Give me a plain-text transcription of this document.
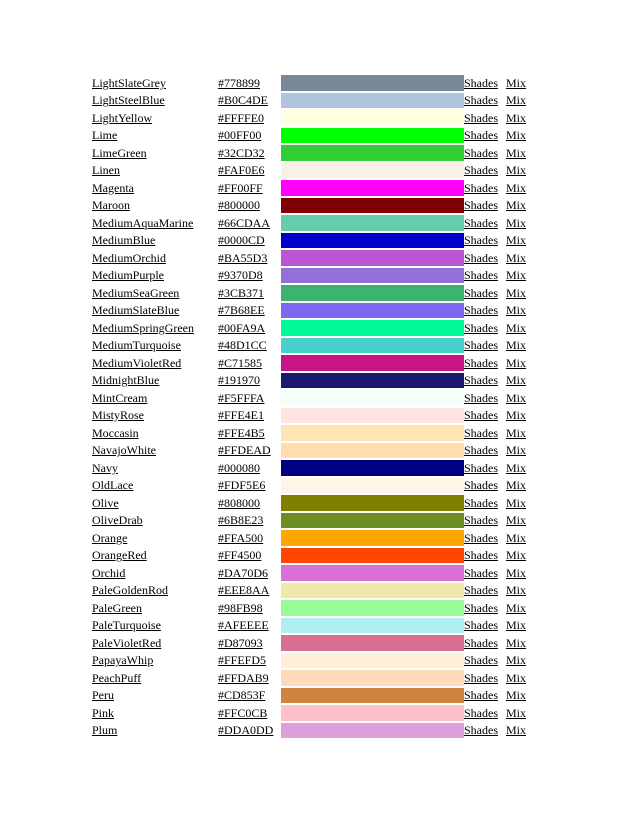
LightSlateGrey	#778899		Shades	Mix
LightSteelBlue	#B0C4DE		Shades	Mix
LightYellow	#FFFFE0		Shades	Mix
Lime	#00FF00		Shades	Mix
LimeGreen	#32CD32		Shades	Mix
Linen	#FAF0E6		Shades	Mix
Magenta	#FF00FF		Shades	Mix
Maroon	#800000		Shades	Mix
MediumAquaMarine	#66CDAA		Shades	Mix
MediumBlue	#0000CD		Shades	Mix
MediumOrchid	#BA55D3		Shades	Mix
MediumPurple	#9370D8		Shades	Mix
MediumSeaGreen	#3CB371		Shades	Mix
MediumSlateBlue	#7B68EE		Shades	Mix
MediumSpringGreen	#00FA9A		Shades	Mix
MediumTurquoise	#48D1CC		Shades	Mix
MediumVioletRed	#C71585		Shades	Mix
MidnightBlue	#191970		Shades	Mix
MintCream	#F5FFFA		Shades	Mix
MistyRose	#FFE4E1		Shades	Mix
Moccasin	#FFE4B5		Shades	Mix
NavajoWhite	#FFDEAD		Shades	Mix
Navy	#000080		Shades	Mix
OldLace	#FDF5E6		Shades	Mix
Olive	#808000		Shades	Mix
OliveDrab	#6B8E23		Shades	Mix
Orange	#FFA500		Shades	Mix
OrangeRed	#FF4500		Shades	Mix
Orchid	#DA70D6		Shades	Mix
PaleGoldenRod	#EEE8AA		Shades	Mix
PaleGreen	#98FB98		Shades	Mix
PaleTurquoise	#AFEEEE		Shades	Mix
PaleVioletRed	#D87093		Shades	Mix
PapayaWhip	#FFEFD5		Shades	Mix
PeachPuff	#FFDAB9		Shades	Mix
Peru	#CD853F		Shades	Mix
Pink	#FFC0CB		Shades	Mix
Plum	#DDA0DD		Shades	Mix
